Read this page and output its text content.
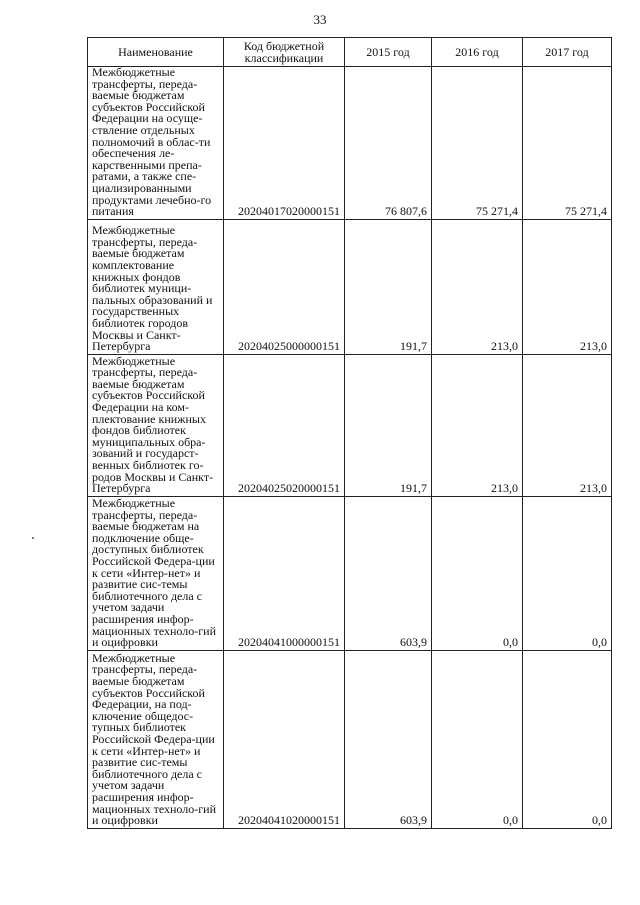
33
Наименование	Код бюджетной классификации	2015 год	2016 год	2017 год
Межбюджетные трансферты, переда-ваемые бюджетам субъектов Российской Федерации на осуще-ствление отдельных полномочий в облас-ти обеспечения ле-карственными препа-ратами, а также спе-циализированными продуктами лечебно-го питания	20204017020000151	76 807,6	75 271,4	75 271,4
Межбюджетные трансферты, переда-ваемые бюджетам комплектование книжных фондов библиотек муници-пальных образований и государственных библиотек городов Москвы и Санкт-Петербурга	20204025000000151	191,7	213,0	213,0
Межбюджетные трансферты, переда-ваемые бюджетам субъектов Российской Федерации на ком-плектование книжных фондов библиотек муниципальных обра-зований и государст-венных библиотек го-родов Москвы и Санкт-Петербурга	20204025020000151	191,7	213,0	213,0
Межбюджетные трансферты, переда-ваемые бюджетам на подключение обще-доступных библиотек Российской Федера-ции к сети «Интер-нет» и развитие сис-темы библиотечного дела с учетом задачи расширения инфор-мационных техноло-гий и оцифровки	20204041000000151	603,9	0,0	0,0
Межбюджетные трансферты, переда-ваемые бюджетам субъектов Российской Федерации, на под-ключение общедос-тупных библиотек Российской Федера-ции к сети «Интер-нет» и развитие сис-темы библиотечного дела с учетом задачи расширения инфор-мационных техноло-гий и оцифровки	20204041020000151	603,9	0,0	0,0
